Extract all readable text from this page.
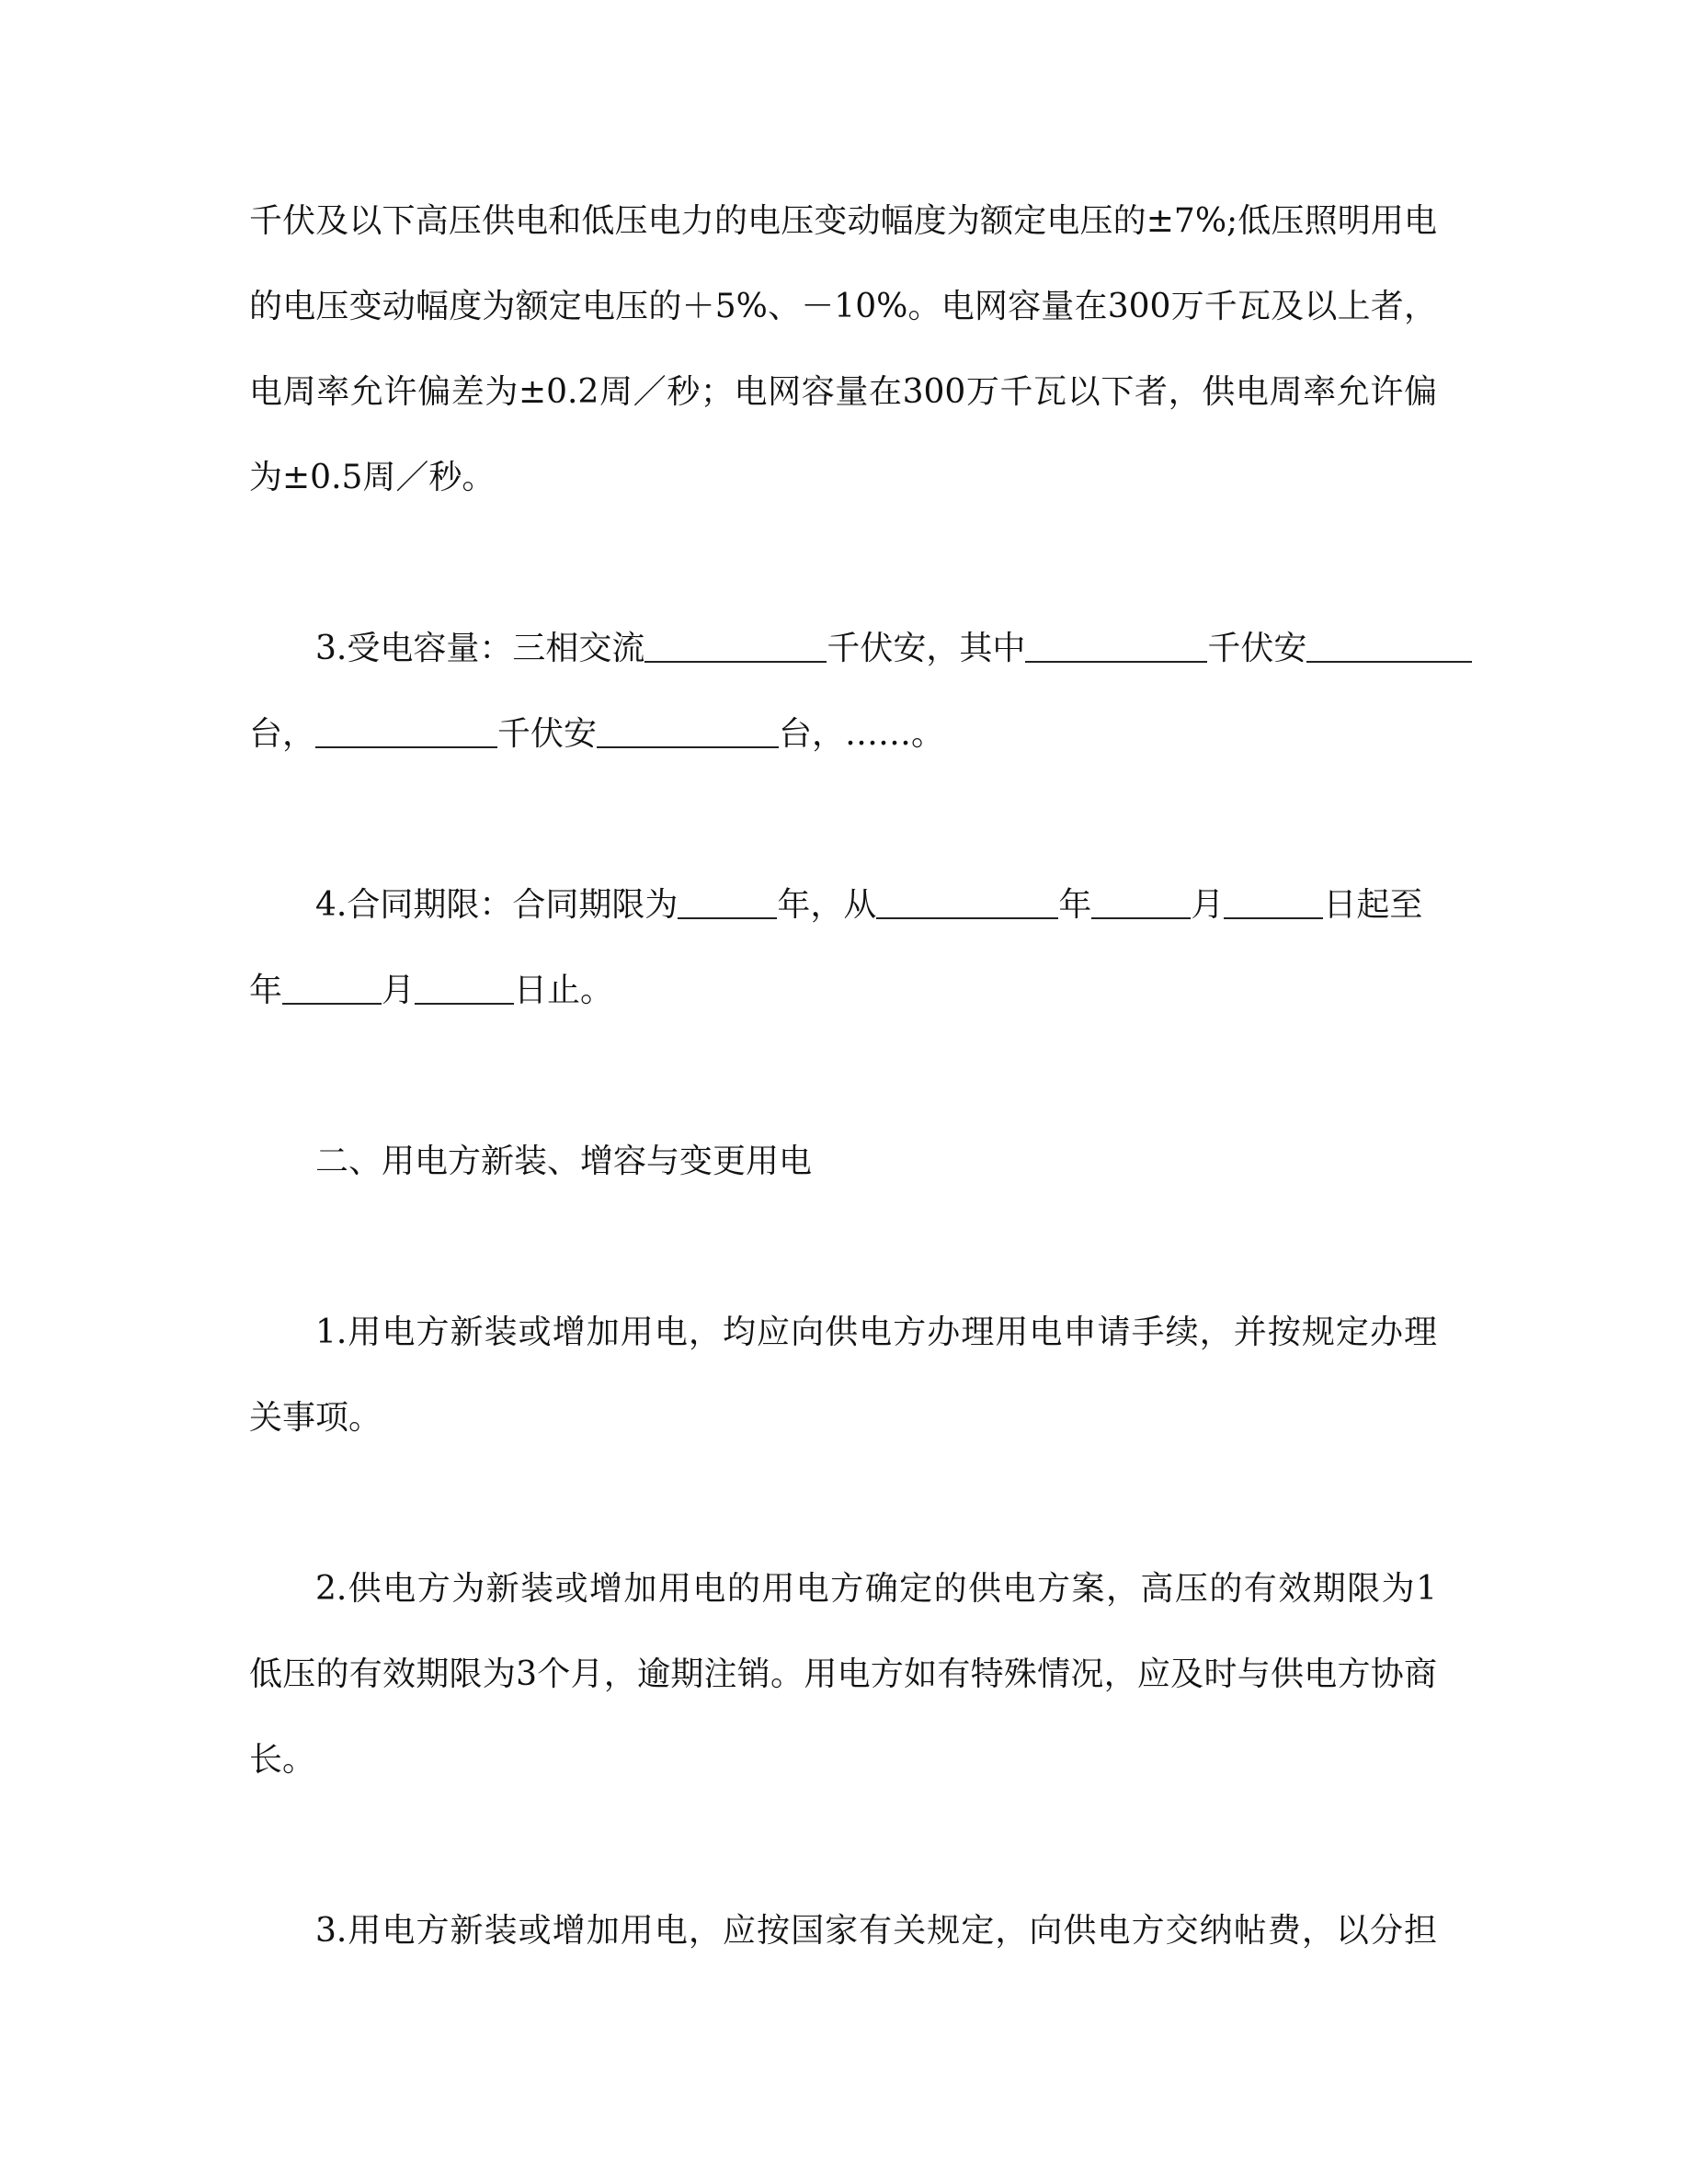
千伏及以下高压供电和低压电力的电压变动幅度为额定电压的±7%;低压照明用电
的电压变动幅度为额定电压的＋5%、－10%。电网容量在300万千瓦及以上者，
电周率允许偏差为±0.2周／秒；电网容量在300万千瓦以下者，供电周率允许偏
为±0.5周／秒。
3.受电容量：三相交流	千伏安，其中	千伏安
台，	千伏安	台，……。
4.合同期限：合同期限为	年，从	年	月	日起至
年	月	日止。
二、用电方新装、增容与变更用电
1.用电方新装或增加用电，均应向供电方办理用电申请手续，并按规定办理
关事项。
2.供电方为新装或增加用电的用电方确定的供电方案，高压的有效期限为1
低压的有效期限为3个月，逾期注销。用电方如有特殊情况，应及时与供电方协商
长。
3.用电方新装或增加用电，应按国家有关规定，向供电方交纳帖费，以分担
